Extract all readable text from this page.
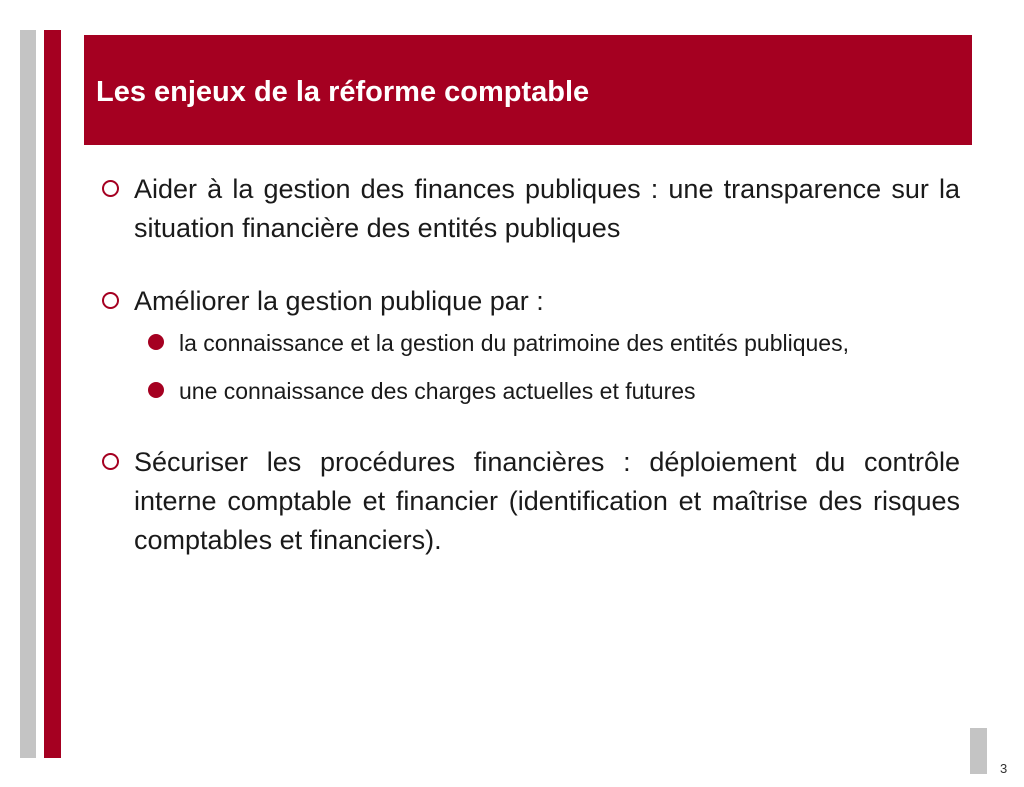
Les enjeux de la réforme comptable

Aider à la gestion des finances publiques : une transparence sur la situation financière des entités publiques

Améliorer la gestion publique par :

la connaissance et la gestion du patrimoine des entités publiques,

une connaissance des charges actuelles et futures

Sécuriser les procédures financières : déploiement du contrôle interne comptable et financier (identification et maîtrise des risques comptables et financiers).

3
